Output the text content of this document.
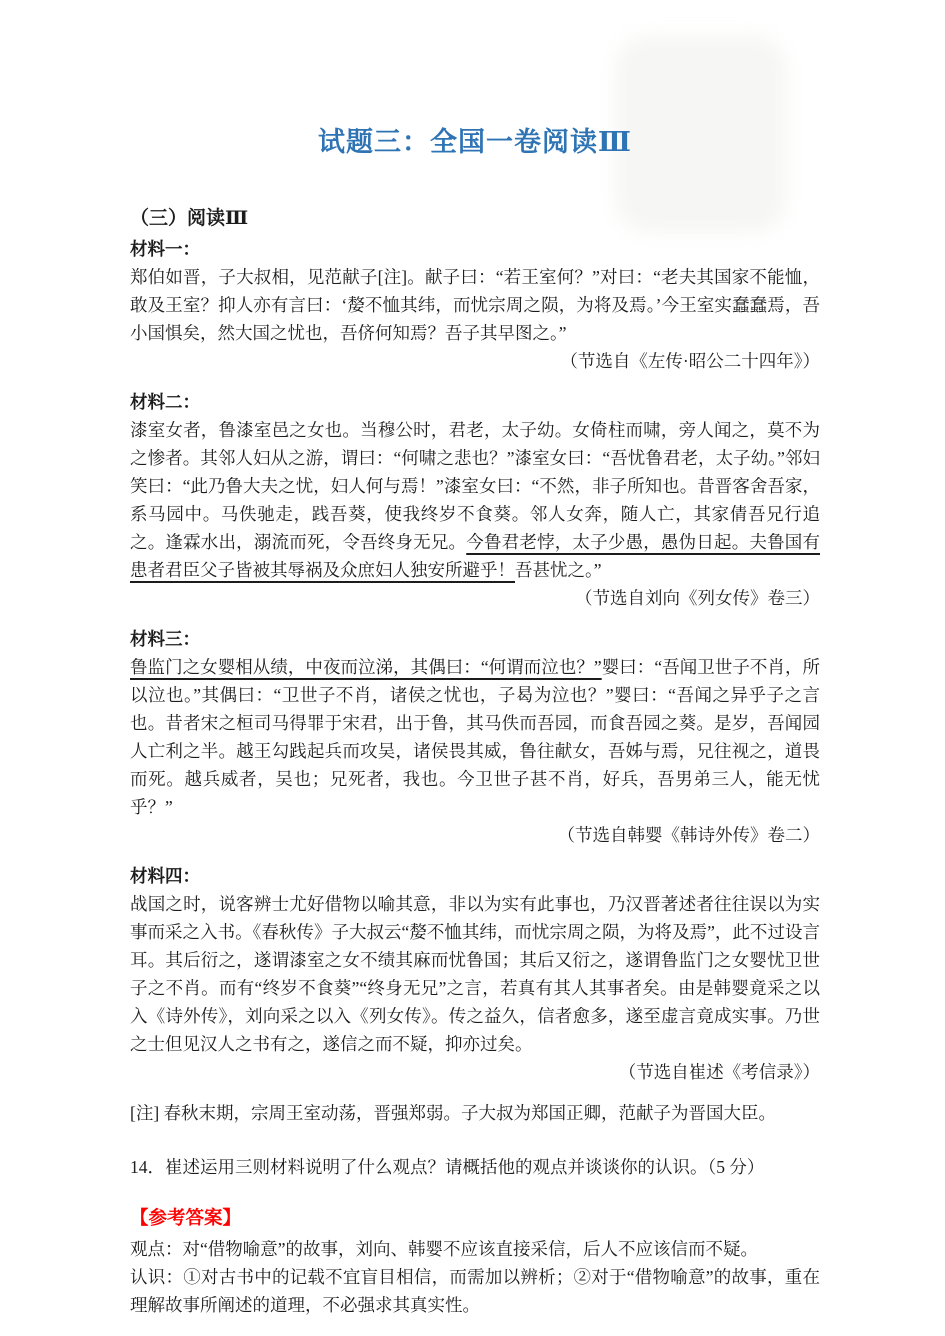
试题三：全国一卷阅读Ⅲ
（三）阅读Ⅲ
材料一：

郑伯如晋，子大叔相，见范献子[注]。献子曰：“若王室何？”对曰：“老夫其国家不能恤，敢及王室？抑人亦有言曰：‘嫠不恤其纬，而忧宗周之陨，为将及焉。’今王室实蠢蠢焉，吾小国惧矣，然大国之忧也，吾侪何知焉？吾子其早图之。”

（节选自《左传·昭公二十四年》）

材料二：

漆室女者，鲁漆室邑之女也。当穆公时，君老，太子幼。女倚柱而啸，旁人闻之，莫不为之惨者。其邻人妇从之游，谓曰：“何啸之悲也？”漆室女曰：“吾忧鲁君老，太子幼。”邻妇笑曰：“此乃鲁大夫之忧，妇人何与焉！”漆室女曰：“不然，非子所知也。昔晋客舍吾家，系马园中。马佚驰走，践吾葵，使我终岁不食葵。邻人女奔，随人亡，其家倩吾兄行追之。逢霖水出，溺流而死，令吾终身无兄。今鲁君老悖，太子少愚，愚伪日起。夫鲁国有患者君臣父子皆被其辱祸及众庶妇人独安所避乎！吾甚忧之。”

（节选自刘向《列女传》卷三）

材料三：

鲁监门之女婴相从绩，中夜而泣涕，其偶曰：“何谓而泣也？”婴曰：“吾闻卫世子不肖，所以泣也。”其偶曰：“卫世子不肖，诸侯之忧也，子曷为泣也？”婴曰：“吾闻之异乎子之言也。昔者宋之桓司马得罪于宋君，出于鲁，其马佚而吾园，而食吾园之葵。是岁，吾闻园人亡利之半。越王勾践起兵而攻吴，诸侯畏其威，鲁往献女，吾姊与焉，兄往视之，道畏而死。越兵威者，吴也；兄死者，我也。今卫世子甚不肖，好兵，吾男弟三人，能无忧乎？”

（节选自韩婴《韩诗外传》卷二）

材料四：

战国之时，说客辨士尤好借物以喻其意，非以为实有此事也，乃汉晋著述者往往误以为实事而采之入书。《春秋传》子大叔云“嫠不恤其纬，而忧宗周之陨，为将及焉”，此不过设言耳。其后衍之，遂谓漆室之女不绩其麻而忧鲁国；其后又衍之，遂谓鲁监门之女婴忧卫世子之不肖。而有“终岁不食葵”“终身无兄”之言，若真有其人其事者矣。由是韩婴竟采之以入《诗外传》，刘向采之以入《列女传》。传之益久，信者愈多，遂至虚言竟成实事。乃世之士但见汉人之书有之，遂信之而不疑，抑亦过矣。

（节选自崔述《考信录》）

[注] 春秋末期，宗周王室动荡，晋强郑弱。子大叔为郑国正卿，范献子为晋国大臣。

14．崔述运用三则材料说明了什么观点？请概括他的观点并谈谈你的认识。（5 分）

【参考答案】

观点：对“借物喻意”的故事，刘向、韩婴不应该直接采信，后人不应该信而不疑。

认识：①对古书中的记载不宜盲目相信，而需加以辨析；②对于“借物喻意”的故事，重在理解故事所阐述的道理，不必强求其真实性。
